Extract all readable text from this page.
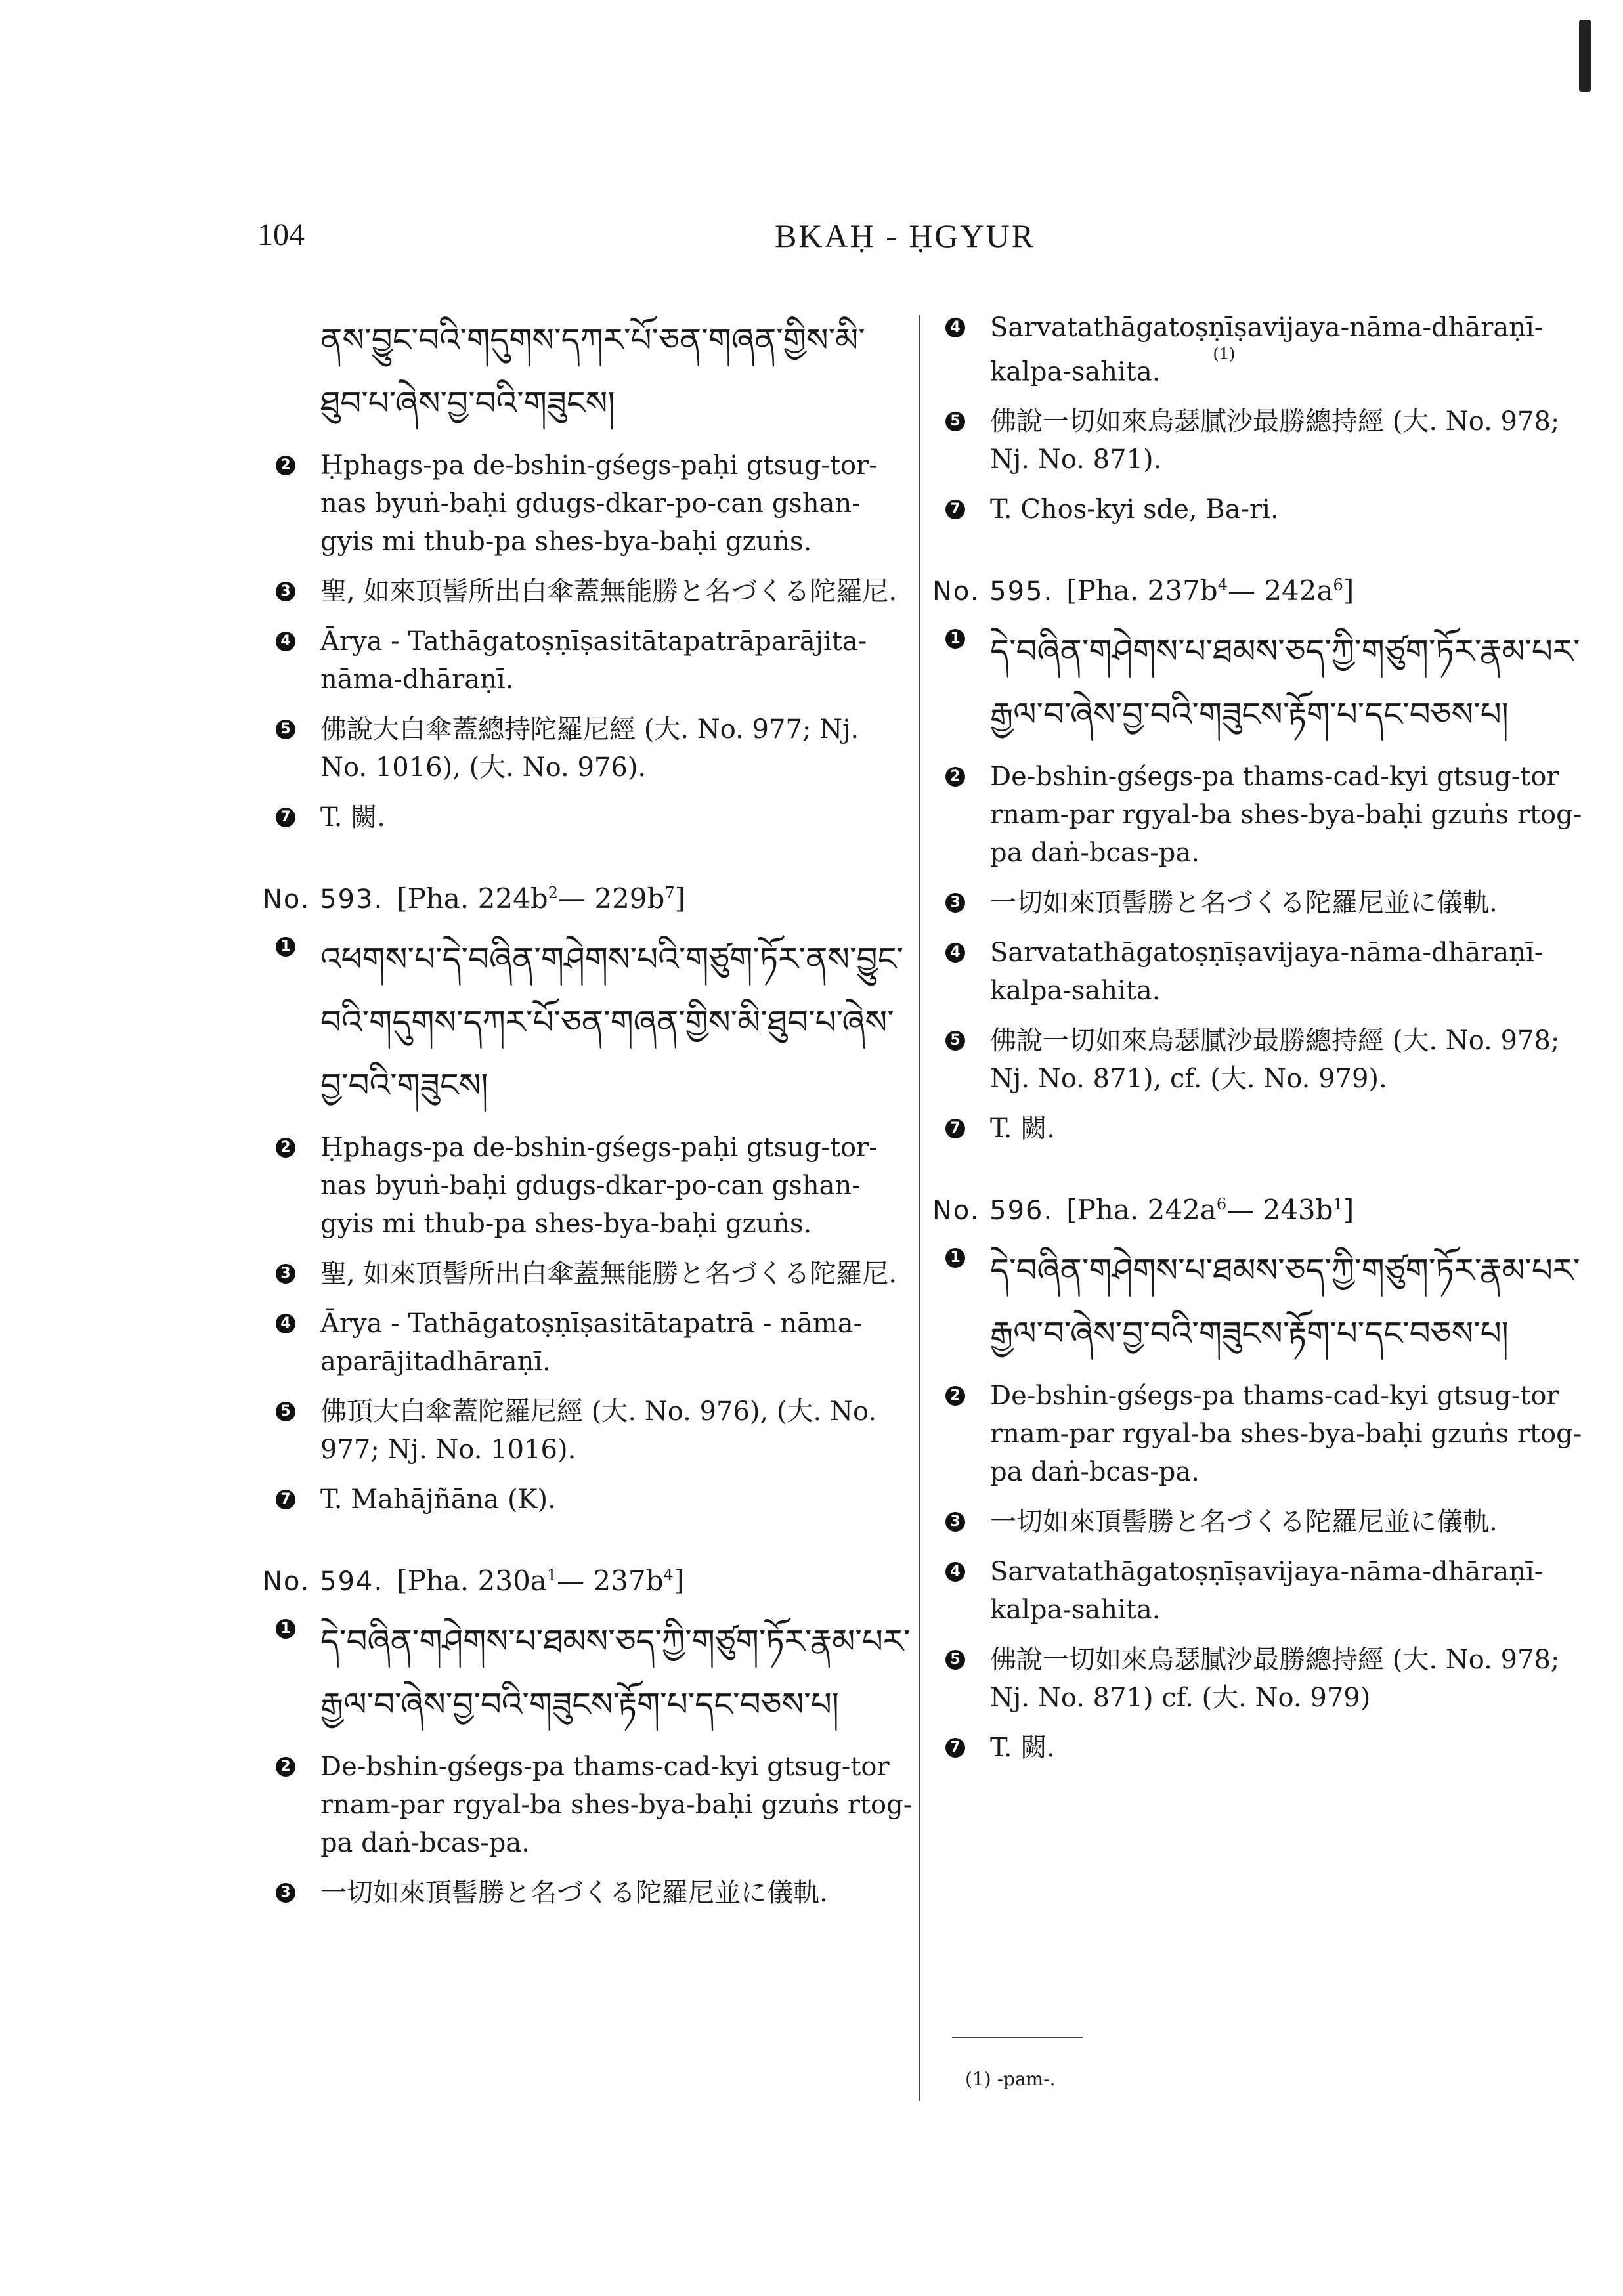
104	BKAḤ - ḤGYUR
ནས་བྱུང་བའི་གདུགས་དཀར་པོ་ཅན་གཞན་གྱིས་མི་ཐུབ་པ་ཞེས་བྱ་བའི་གཟུངས།
2 Ḥphags-pa de-bshin-gśegs-paḥi gtsug-tor-nas byuṅ-baḥi gdugs-dkar-po-can gshan-gyis mi thub-pa shes-bya-baḥi gzuṅs.
3 聖, 如來頂髻所出白傘蓋無能勝と名づくる陀羅尼.
4 Ārya - Tathāgatoṣṇīṣasitātapatrāparājita-nāma-dhāraṇī.
5 佛說大白傘蓋總持陀羅尼經 (大. No. 977; Nj. No. 1016), (大. No. 976).
7 T. 闕.
No. 593. [Pha. $224b^2—$ $229b^7$]
1 འཕགས་པ་དེ་བཞིན་གཤེགས་པའི་གཙུག་ཏོར་ནས་བྱུང་བའི་གདུགས་དཀར་པོ་ཅན་གཞན་གྱིས་མི་ཐུབ་པ་ཞེས་བྱ་བའི་གཟུངས།
2 Ḥphags-pa de-bshin-gśegs-paḥi gtsug-tor-nas byuṅ-baḥi gdugs-dkar-po-can gshan-gyis mi thub-pa shes-bya-baḥi gzuṅs.
3 聖, 如來頂髻所出白傘蓋無能勝と名づくる陀羅尼.
4 Ārya - Tathāgatoṣṇīṣasitātapatrā - nāma-aparājitadhāraṇī.
5 佛頂大白傘蓋陀羅尼經 (大. No. 976), (大. No. 977; Nj. No. 1016).
7 T. Mahājñāna (K).
No. 594. [Pha. $230a^1—$ $237b^4$]
1 དེ་བཞིན་གཤེགས་པ་ཐམས་ཅད་ཀྱི་གཙུག་ཏོར་རྣམ་པར་རྒྱལ་བ་ཞེས་བྱ་བའི་གཟུངས་རྟོག་པ་དང་བཅས་པ།
2 De-bshin-gśegs-pa thams-cad-kyi gtsug-tor rnam-par rgyal-ba shes-bya-baḥi gzuṅs rtog-pa daṅ-bcas-pa.
3 一切如來頂髻勝と名づくる陀羅尼並に儀軌.
4 Sarvatathāgatoṣṇīṣavijaya-nāma-dhāraṇī-kalpa-sahita.$^{(1)}$
5 佛說一切如來烏瑟膩沙最勝總持經 (大. No. 978; Nj. No. 871).
7 T. Chos-kyi sde, Ba-ri.
No. 595. [Pha. $237b^4—$ $242a^6$]
1 དེ་བཞིན་གཤེགས་པ་ཐམས་ཅད་ཀྱི་གཙུག་ཏོར་རྣམ་པར་རྒྱལ་བ་ཞེས་བྱ་བའི་གཟུངས་རྟོག་པ་དང་བཅས་པ།
2 De-bshin-gśegs-pa thams-cad-kyi gtsug-tor rnam-par rgyal-ba shes-bya-baḥi gzuṅs rtog-pa daṅ-bcas-pa.
3 一切如來頂髻勝と名づくる陀羅尼並に儀軌.
4 Sarvatathāgatoṣṇīṣavijaya-nāma-dhāraṇī-kalpa-sahita.
5 佛說一切如來烏瑟膩沙最勝總持經 (大. No. 978; Nj. No. 871), cf. (大. No. 979).
7 T. 闕.
No. 596. [Pha. $242a^6—$ $243b^1$]
1 དེ་བཞིན་གཤེགས་པ་ཐམས་ཅད་ཀྱི་གཙུག་ཏོར་རྣམ་པར་རྒྱལ་བ་ཞེས་བྱ་བའི་གཟུངས་རྟོག་པ་དང་བཅས་པ།
2 De-bshin-gśegs-pa thams-cad-kyi gtsug-tor rnam-par rgyal-ba shes-bya-baḥi gzuṅs rtog-pa daṅ-bcas-pa.
3 一切如來頂髻勝と名づくる陀羅尼並に儀軌.
4 Sarvatathāgatoṣṇīṣavijaya-nāma-dhāraṇī-kalpa-sahita.
5 佛說一切如來烏瑟膩沙最勝總持經 (大. No. 978; Nj. No. 871) cf. (大. No. 979)
7 T. 闕.
(1) -pam-.
